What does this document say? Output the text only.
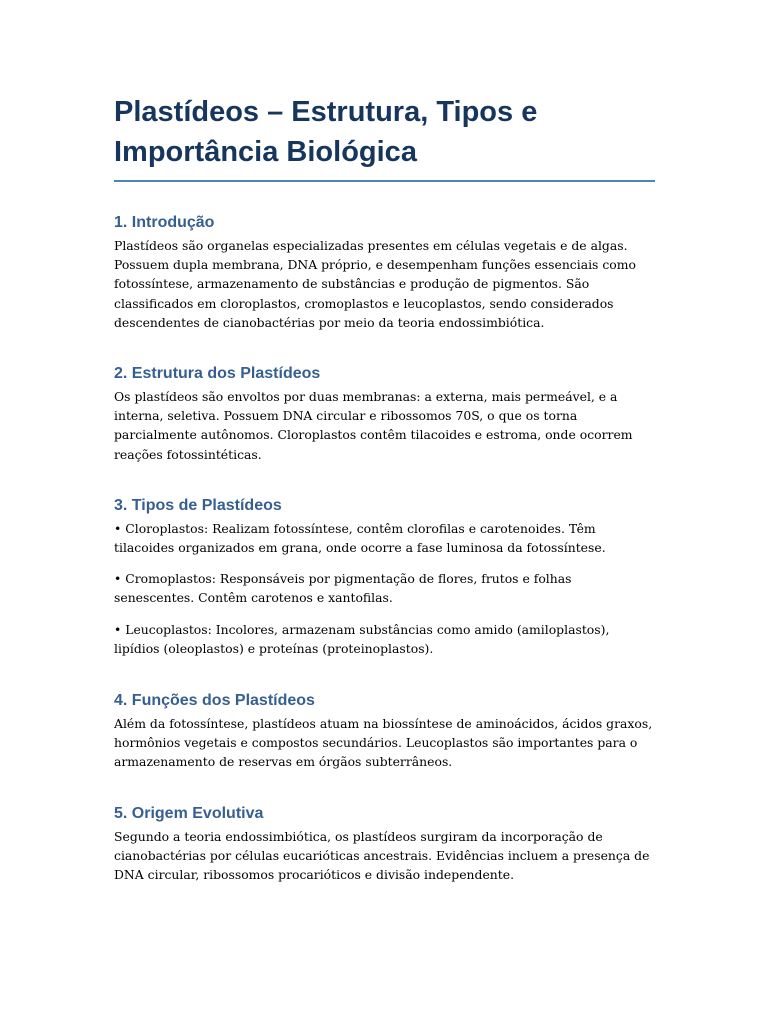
Plastídeos – Estrutura, Tipos e Importância Biológica
1. Introdução

Plastídeos são organelas especializadas presentes em células vegetais e de algas. Possuem dupla membrana, DNA próprio, e desempenham funções essenciais como fotossíntese, armazenamento de substâncias e produção de pigmentos. São classificados em cloroplastos, cromoplastos e leucoplastos, sendo considerados descendentes de cianobactérias por meio da teoria endossimbiótica.

2. Estrutura dos Plastídeos

Os plastídeos são envoltos por duas membranas: a externa, mais permeável, e a interna, seletiva. Possuem DNA circular e ribossomos 70S, o que os torna parcialmente autônomos. Cloroplastos contêm tilacoides e estroma, onde ocorrem reações fotossintéticas.

3. Tipos de Plastídeos

• Cloroplastos: Realizam fotossíntese, contêm clorofilas e carotenoides. Têm tilacoides organizados em grana, onde ocorre a fase luminosa da fotossíntese.

• Cromoplastos: Responsáveis por pigmentação de flores, frutos e folhas senescentes. Contêm carotenos e xantofilas.

• Leucoplastos: Incolores, armazenam substâncias como amido (amiloplastos), lipídios (oleoplastos) e proteínas (proteinoplastos).

4. Funções dos Plastídeos

Além da fotossíntese, plastídeos atuam na biossíntese de aminoácidos, ácidos graxos, hormônios vegetais e compostos secundários. Leucoplastos são importantes para o armazenamento de reservas em órgãos subterrâneos.

5. Origem Evolutiva

Segundo a teoria endossimbiótica, os plastídeos surgiram da incorporação de cianobactérias por células eucarióticas ancestrais. Evidências incluem a presença de DNA circular, ribossomos procarióticos e divisão independente.
